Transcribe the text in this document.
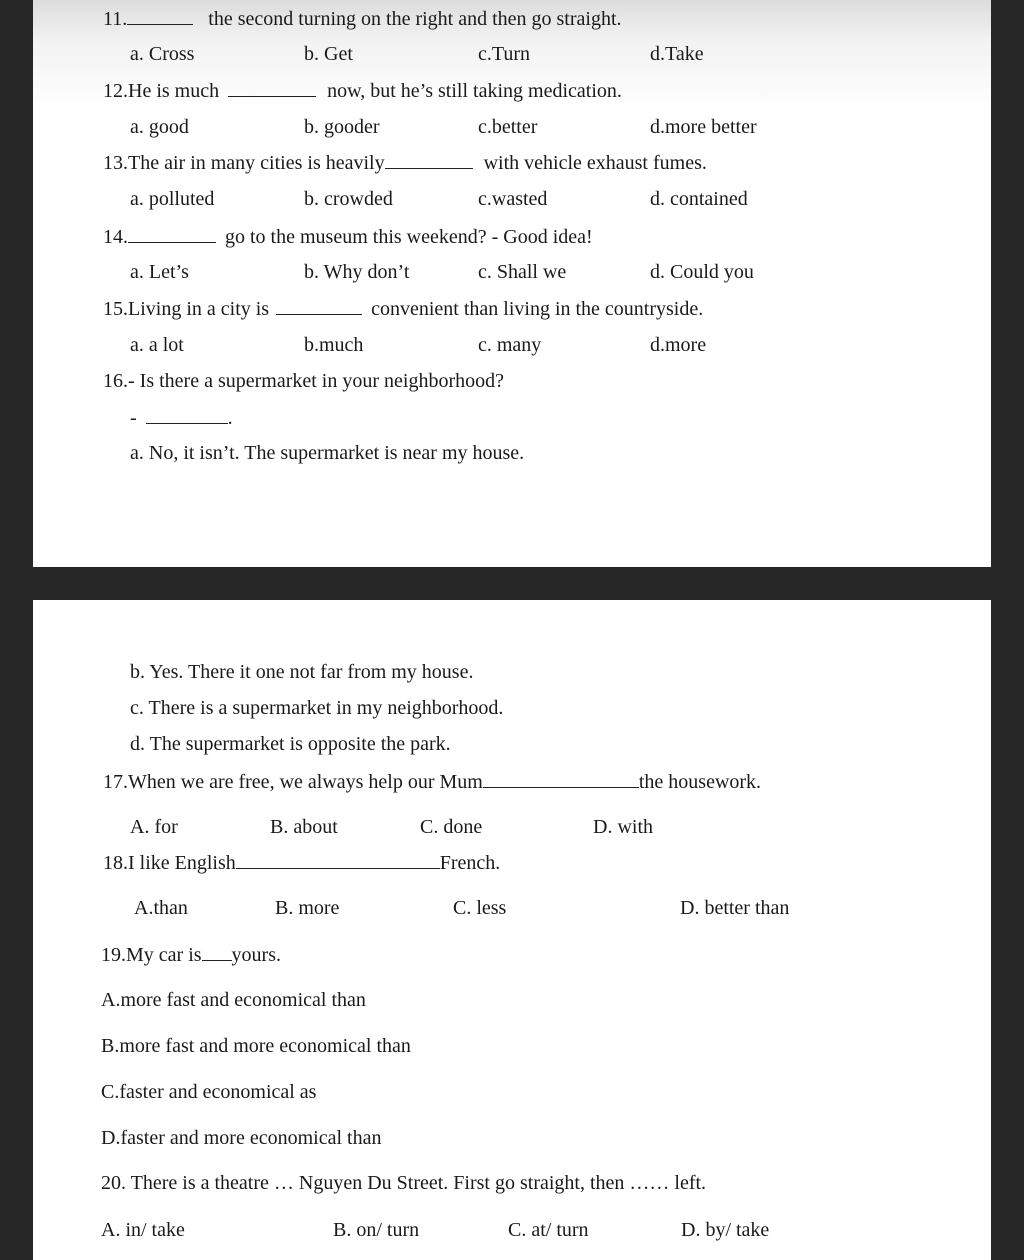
11.	the second turning on the right and then go straight.
a. Cross	b. Get	c.Turn	d.Take
12.He is much	now, but he’s still taking medication.
a. good	b. gooder	c.better	d.more better
13.The air in many cities is heavily	with vehicle exhaust fumes.
a. polluted	b. crowded	c.wasted	d. contained
14.	go to the museum this weekend? - Good idea!
a. Let’s	b. Why don’t	c. Shall we	d. Could you
15.Living in a city is	convenient than living in the countryside.
a. a lot	b.much	c. many	d.more
16.- Is there a supermarket in your neighborhood?
-	.
a. No, it isn’t. The supermarket is near my house.
b. Yes. There it one not far from my house.
c. There is a supermarket in my neighborhood.
d. The supermarket is opposite the park.
17.When we are free, we always help our Mum	the housework.
A. for	B. about	C. done	D. with
18.I like English	French.
A.than	B. more	C. less	D. better than
19.My car is yours.
A.more fast and economical than
B.more fast and more economical than
C.faster and economical as
D.faster and more economical than
20. There is a theatre … Nguyen Du Street. First go straight, then …… left.
A. in/ take	B. on/ turn	C. at/ turn	D. by/ take
